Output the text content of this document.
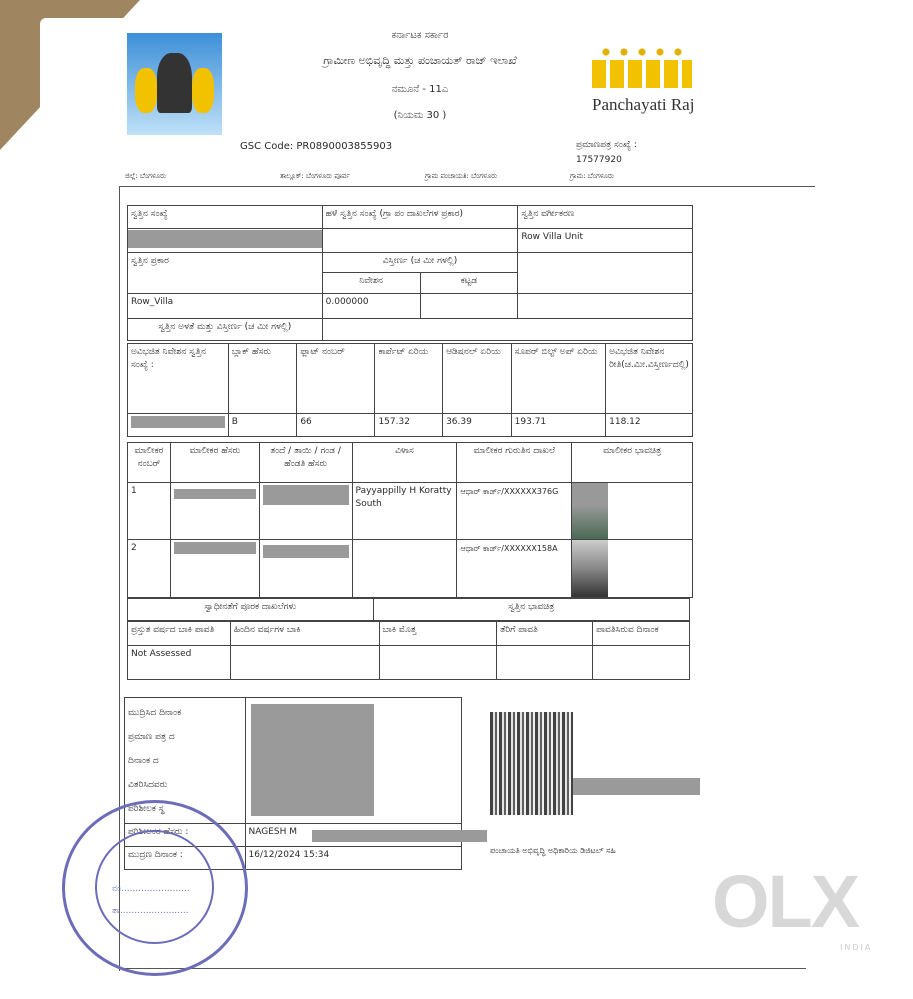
ಕರ್ನಾಟಕ ಸರ್ಕಾರ
ಗ್ರಾಮೀಣ ಅಭಿವೃದ್ಧಿ ಮತ್ತು ಪಂಚಾಯತ್ ರಾಜ್ ಇಲಾಖೆ
ನಮೂನೆ - 11ಎ
(ನಿಯಮ 30 )
GSC Code: PR0890003855903	ಪ್ರಮಾಣಪತ್ರ ಸಂಖ್ಯೆ :
17577920
Panchayati Raj
ಜಿಲ್ಲೆ: ಬೆಂಗಳೂರು	ತಾಲ್ಲೂಕ್: ಬೆಂಗಳೂರು ಪೂರ್ವ	ಗ್ರಾಮ ಪಂಚಾಯತಿ: ಬೆಂಗಳೂರು	ಗ್ರಾಮ: ಬೆಂಗಳೂರು
ಸ್ವತ್ತಿನ ಸಂಖ್ಯೆ	ಹಳೆ ಸ್ವತ್ತಿನ ಸಂಖ್ಯೆ (ಗ್ರಾ ಪಂ ದಾಖಲೆಗಳ ಪ್ರಕಾರ)		ಸ್ವತ್ತಿನ ವರ್ಗೀಕರಣ

			Row Villa Unit
ಸ್ವತ್ತಿನ ಪ್ರಕಾರ	ವಿಸ್ತೀರ್ಣ (ಚ ಮೀ ಗಳಲ್ಲಿ)		
	ನಿವೇಶನ	ಕಟ್ಟಡ	
Row_Villa	0.000000		
ಸ್ವತ್ತಿನ ಅಳತೆ ಮತ್ತು ವಿಸ್ತೀರ್ಣ (ಚ ಮೀ ಗಳಲ್ಲಿ)			
ಅವಿಭಜಿತ ನಿವೇಶನ ಸ್ವತ್ತಿನ ಸಂಖ್ಯೆ :	ಬ್ಲಾಕ್ ಹೆಸರು	ಫ್ಲಾಟ್ ನಂಬರ್	ಕಾರ್ಪೆಟ್ ಏರಿಯ	ಆಡಿಷನಲ್ ಏರಿಯ	ಸೂಪರ್ ಬಿಲ್ಟ್ ಅಪ್ ಏರಿಯ	ಅವಿಭಜಿತ ನಿವೇಶನ ರೀತಿ(ಚ.ಮೀ.ವಿಸ್ತೀರ್ಣದಲ್ಲಿ)

	B	66	157.32	36.39	193.71	118.12
ಮಾಲೀಕರ ನಂಬರ್	ಮಾಲೀಕರ ಹೆಸರು	ತಂದೆ / ತಾಯಿ / ಗಂಡ / ಹೆಂಡತಿ ಹೆಸರು	ವಿಳಾಸ	ಮಾಲೀಕರ ಗುರುತಿನ ದಾಖಲೆ	ಮಾಲೀಕರ ಭಾವಚಿತ್ರ
1			Payyappilly H Koratty South	ಆಧಾರ್ ಕಾರ್ಡ್/XXXXXX376G	

2				ಆಧಾರ್ ಕಾರ್ಡ್/XXXXXX158A	
ಸ್ವಾಧೀನತೆಗೆ ಪೂರಕ ದಾಖಲೆಗಳು	ಸ್ವತ್ತಿನ ಭಾವಚಿತ್ರ
ಪ್ರಸ್ತುತ ವರ್ಷದ ಬಾಕಿ ಪಾವತಿ	ಹಿಂದಿನ ವರ್ಷಗಳ ಬಾಕಿ	ಬಾಕಿ ಮೊತ್ತ	ತೆರಿಗೆ ಪಾವತಿ	ಪಾವತಿಸಿರುವ ದಿನಾಂಕ
Not Assessed				
ಮುದ್ರಿಸಿದ ದಿನಾಂಕ
ಪ್ರಮಾಣ ಪತ್ರ ದ
ದಿನಾಂಕ ದ
ವಿತರಿಸಿದವರು
ಪರಿಶೀಲಕ ಸ್ಥ	

ಪರಿಶೀಲಕರ ಹೆಸರು :	NAGESH M
ಮುದ್ರಣ ದಿನಾಂಕ :	16/12/2024 15:34	ಪಂಚಾಯತಿ ಅಭಿವೃದ್ಧಿ ಅಧಿಕಾರಿಯ ಡಿಜಿಟಲ್ ಸಹಿ
ನಂ........................
ತಾ........................	OLX
INDIA
